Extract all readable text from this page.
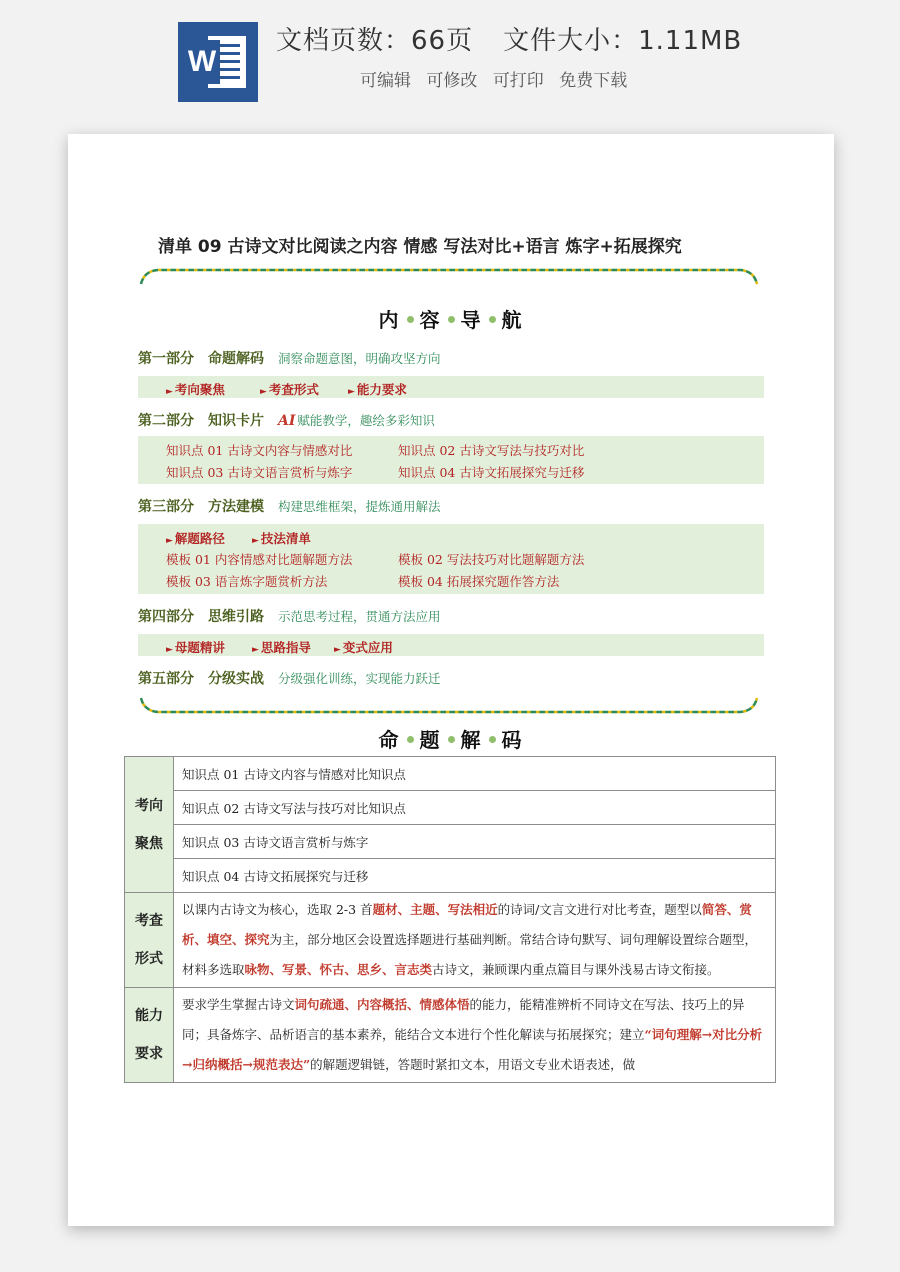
W
文档页数：66页 文件大小：1.11MB
可编辑 可修改 可打印 免费下载
清单 09 古诗文对比阅读之内容 情感 写法对比+语言 炼字+拓展探究
内 容 导 航
第一部分 命题解码 洞察命题意图，明确攻坚方向
► 考向聚焦	► 考查形式	► 能力要求
第二部分 知识卡片 AI 赋能教学，趣绘多彩知识
知识点 01 古诗文内容与情感对比	知识点 02 古诗文写法与技巧对比
知识点 03 古诗文语言赏析与炼字	知识点 04 古诗文拓展探究与迁移
第三部分 方法建模 构建思维框架，提炼通用解法
► 解题路径	► 技法清单
模板 01 内容情感对比题解题方法	模板 02 写法技巧对比题解题方法
模板 03 语言炼字题赏析方法	模板 04 拓展探究题作答方法
第四部分 思维引路 示范思考过程，贯通方法应用
► 母题精讲	► 思路指导	► 变式应用
第五部分 分级实战 分级强化训练，实现能力跃迁
命 题 解 码
考向
聚焦	知识点 01 古诗文内容与情感对比知识点
	知识点 02 古诗文写法与技巧对比知识点
	知识点 03 古诗文语言赏析与炼字
	知识点 04 古诗文拓展探究与迁移
考查
形式	以课内古诗文为核心，选取 2-3 首题材、主题、写法相近的诗词/文言文进行对比考查，题型以简答、赏析、填空、探究为主，部分地区会设置选择题进行基础判断。常结合诗句默写、词句理解设置综合题型，材料多选取咏物、写景、怀古、思乡、言志类古诗文，兼顾课内重点篇目与课外浅易古诗文衔接。
能力
要求	要求学生掌握古诗文词句疏通、内容概括、情感体悟的能力，能精准辨析不同诗文在写法、技巧上的异同；具备炼字、品析语言的基本素养，能结合文本进行个性化解读与拓展探究；建立“词句理解→对比分析→归纳概括→规范表达”的解题逻辑链，答题时紧扣文本，用语文专业术语表述，做
